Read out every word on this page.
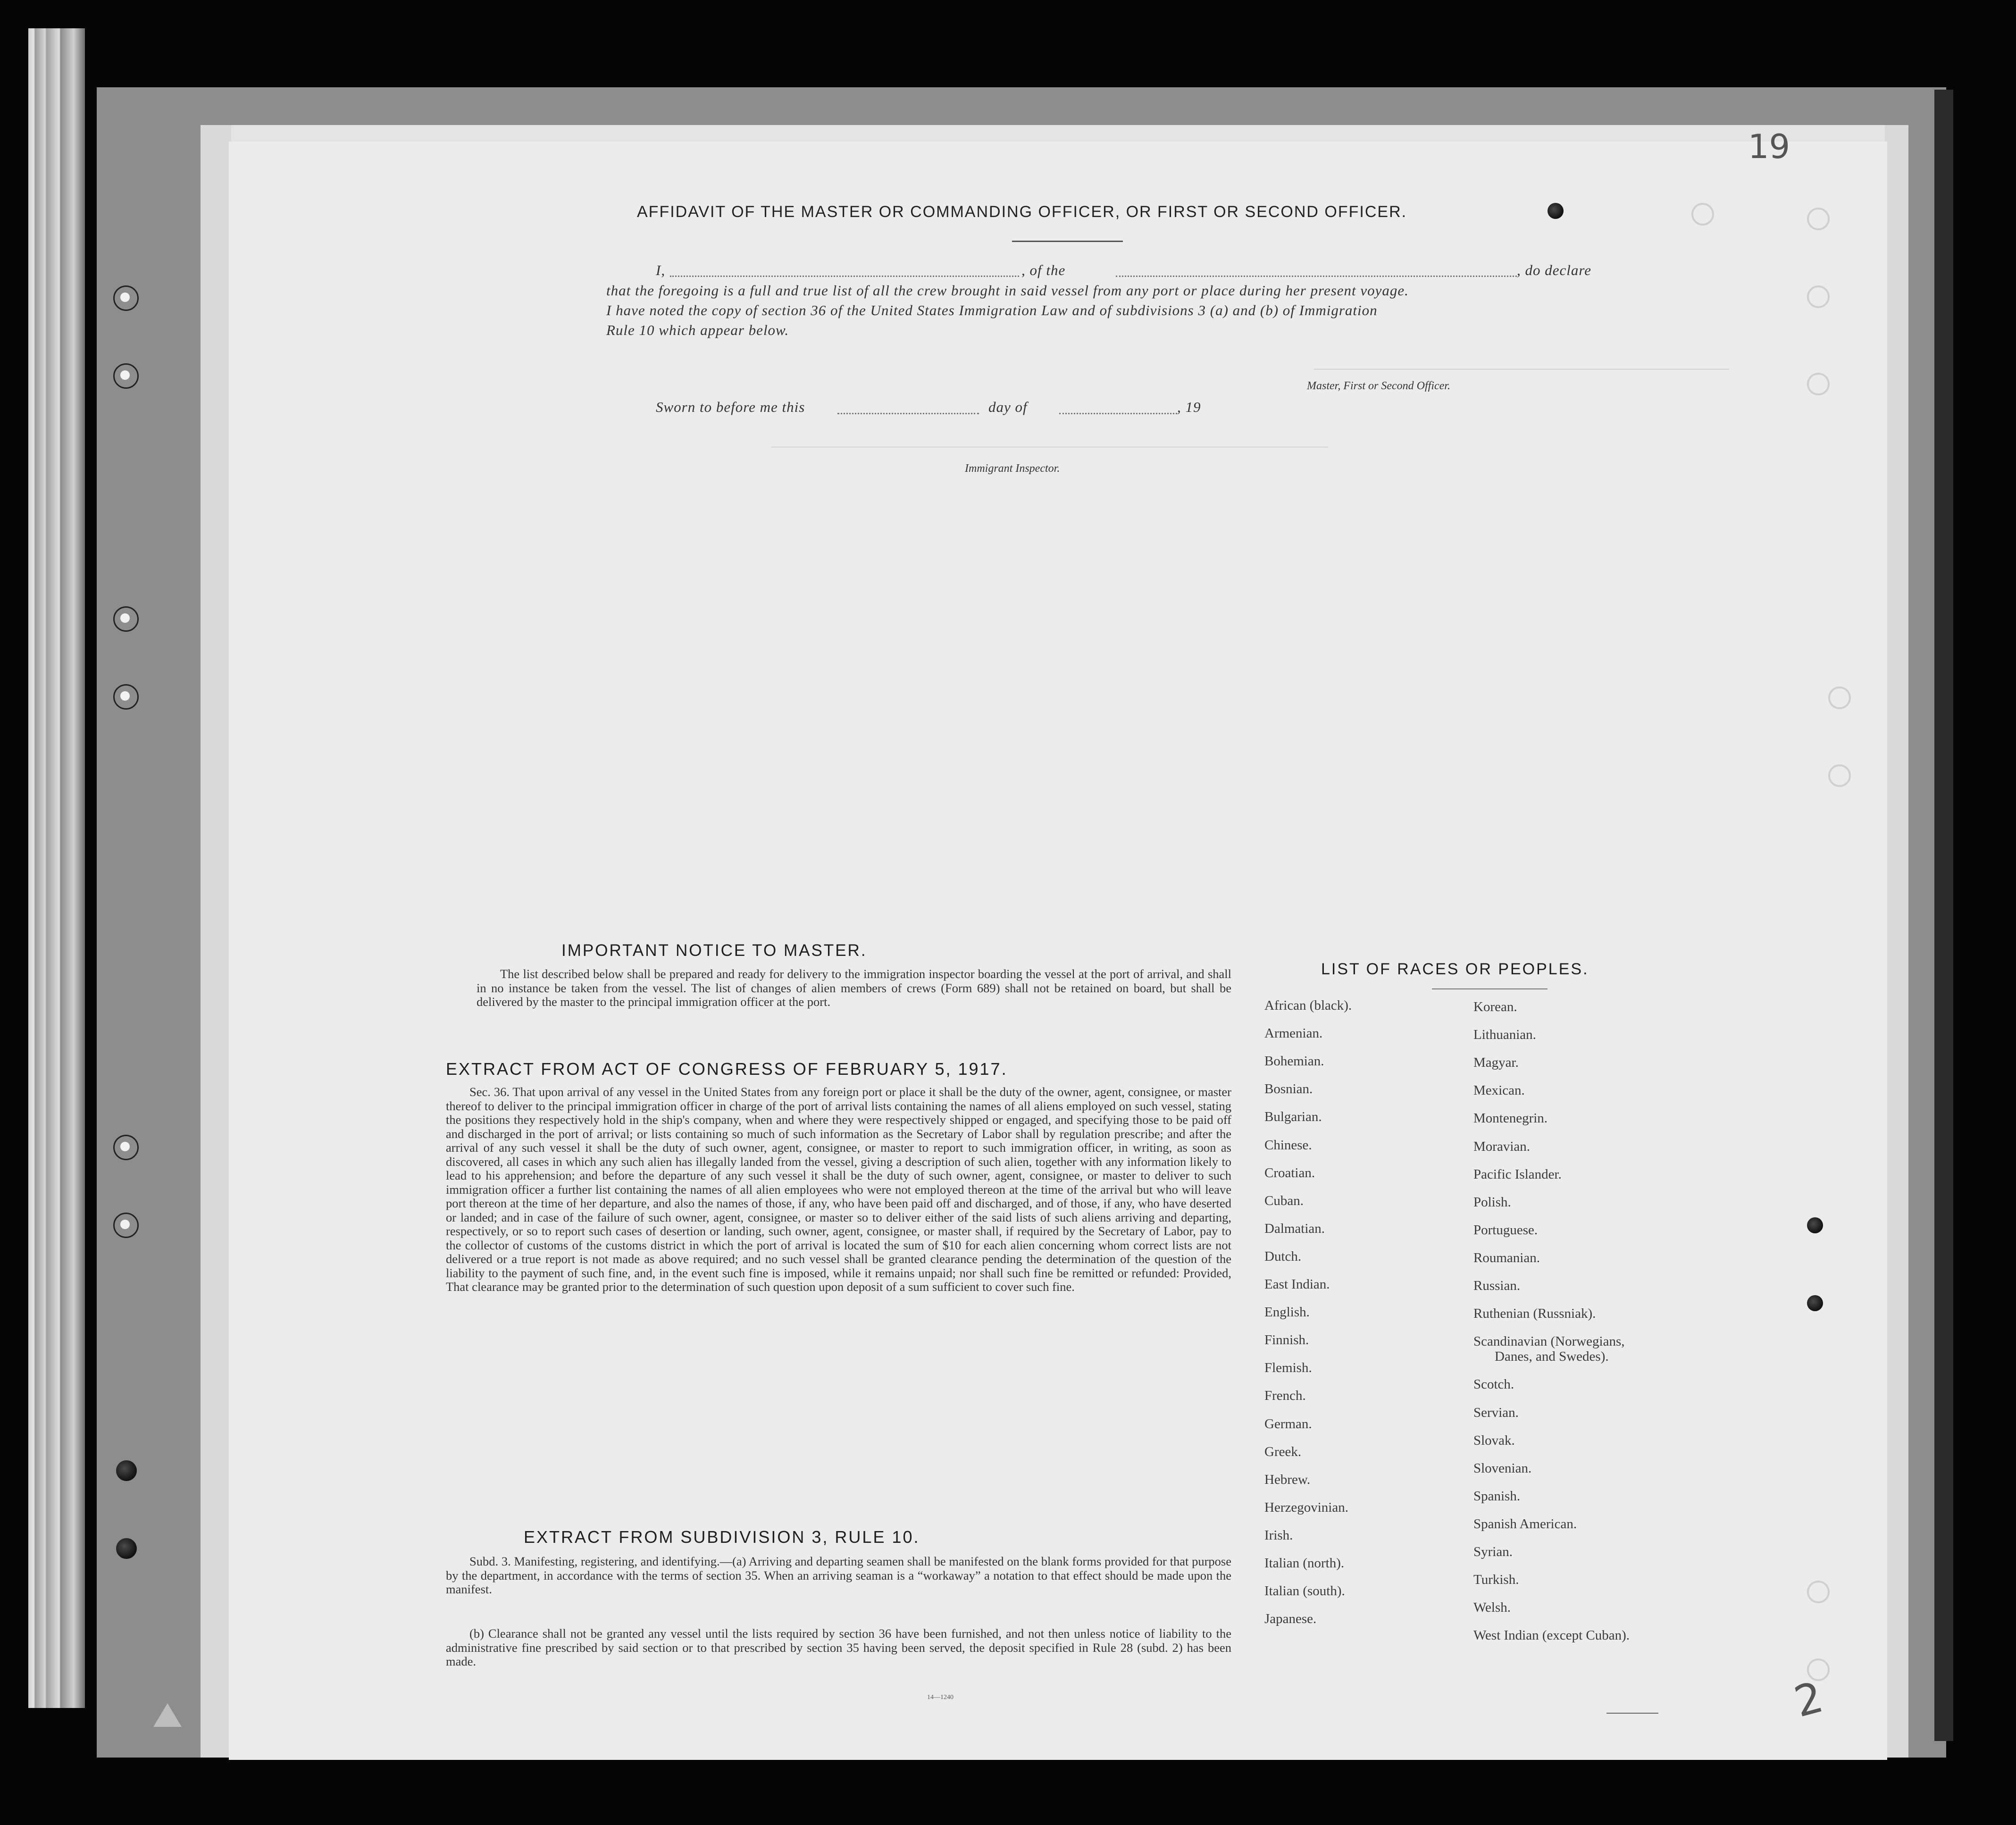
19
AFFIDAVIT OF THE MASTER OR COMMANDING OFFICER, OR FIRST OR SECOND OFFICER.
I,	, of the	, do declare
that the foregoing is a full and true list of all the crew brought in said vessel from any port or place during her present voyage.
I have noted the copy of section 36 of the United States Immigration Law and of subdivisions 3 (a) and (b) of Immigration
Rule 10 which appear below.
Master, First or Second Officer.
Sworn to before me this	day of	, 19
Immigrant Inspector.
IMPORTANT NOTICE TO MASTER.

The list described below shall be prepared and ready for delivery to the immigration inspector boarding the vessel at the port of arrival, and shall in no instance be taken from the vessel. The list of changes of alien members of crews (Form 689) shall not be retained on board, but shall be delivered by the master to the principal immigration officer at the port.

EXTRACT FROM ACT OF CONGRESS OF FEBRUARY 5, 1917.

Sec. 36. That upon arrival of any vessel in the United States from any foreign port or place it shall be the duty of the owner, agent, consignee, or master thereof to deliver to the principal immigration officer in charge of the port of arrival lists containing the names of all aliens employed on such vessel, stating the positions they respectively hold in the ship's company, when and where they were respectively shipped or engaged, and specifying those to be paid off and discharged in the port of arrival; or lists containing so much of such information as the Secretary of Labor shall by regulation prescribe; and after the arrival of any such vessel it shall be the duty of such owner, agent, consignee, or master to report to such immigration officer, in writing, as soon as discovered, all cases in which any such alien has illegally landed from the vessel, giving a description of such alien, together with any information likely to lead to his apprehension; and before the departure of any such vessel it shall be the duty of such owner, agent, consignee, or master to deliver to such immigration officer a further list containing the names of all alien employees who were not employed thereon at the time of the arrival but who will leave port thereon at the time of her departure, and also the names of those, if any, who have been paid off and discharged, and of those, if any, who have deserted or landed; and in case of the failure of such owner, agent, consignee, or master so to deliver either of the said lists of such aliens arriving and departing, respectively, or so to report such cases of desertion or landing, such owner, agent, consignee, or master shall, if required by the Secretary of Labor, pay to the collector of customs of the customs district in which the port of arrival is located the sum of $10 for each alien concerning whom correct lists are not delivered or a true report is not made as above required; and no such vessel shall be granted clearance pending the determination of the question of the liability to the payment of such fine, and, in the event such fine is imposed, while it remains unpaid; nor shall such fine be remitted or refunded: Provided, That clearance may be granted prior to the determination of such question upon deposit of a sum sufficient to cover such fine.

EXTRACT FROM SUBDIVISION 3, RULE 10.

Subd. 3. Manifesting, registering, and identifying.—(a) Arriving and departing seamen shall be manifested on the blank forms provided for that purpose by the department, in accordance with the terms of section 35. When an arriving seaman is a “workaway” a notation to that effect should be made upon the manifest.

(b) Clearance shall not be granted any vessel until the lists required by section 36 have been furnished, and not then unless notice of liability to the administrative fine prescribed by said section or to that prescribed by section 35 having been served, the deposit specified in Rule 28 (subd. 2) has been made.

14—1240
LIST OF RACES OR PEOPLES.
African (black).
Armenian.
Bohemian.
Bosnian.
Bulgarian.
Chinese.
Croatian.
Cuban.
Dalmatian.
Dutch.
East Indian.
English.
Finnish.
Flemish.
French.
German.
Greek.
Hebrew.
Herzegovinian.
Irish.
Italian (north).
Italian (south).
Japanese.
Korean.
Lithuanian.
Magyar.
Mexican.
Montenegrin.
Moravian.
Pacific Islander.
Polish.
Portuguese.
Roumanian.
Russian.
Ruthenian (Russniak).
Scandinavian (Norwegians,
Danes, and Swedes).
Scotch.
Servian.
Slovak.
Slovenian.
Spanish.
Spanish American.
Syrian.
Turkish.
Welsh.
West Indian (except Cuban).
2
